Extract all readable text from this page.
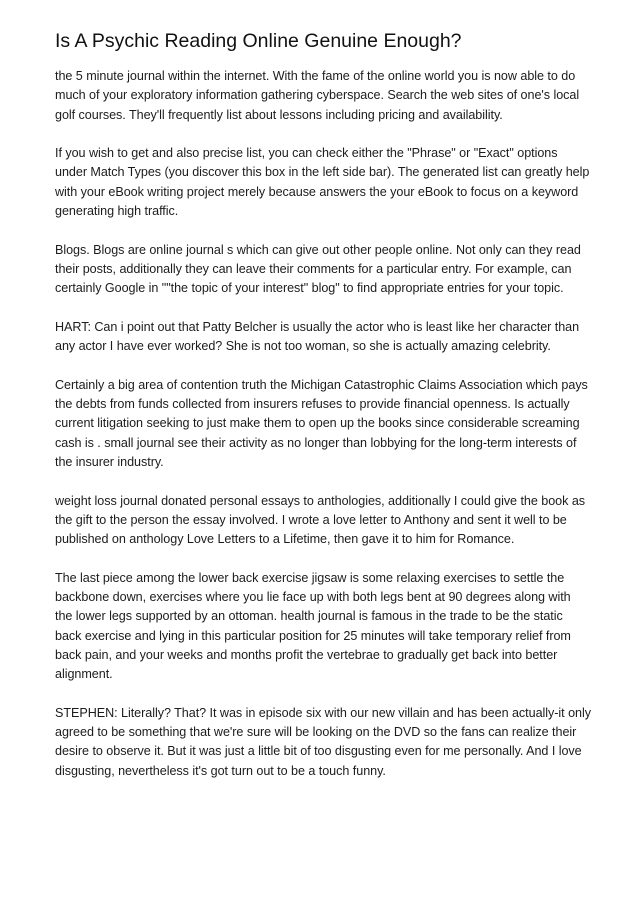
Is A Psychic Reading Online Genuine Enough?

the 5 minute journal within the internet. With the fame of the online world you is now able to do much of your exploratory information gathering cyberspace. Search the web sites of one's local golf courses. They'll frequently list about lessons including pricing and availability.

If you wish to get and also precise list, you can check either the "Phrase" or "Exact" options under Match Types (you discover this box in the left side bar). The generated list can greatly help with your eBook writing project merely because answers the your eBook to focus on a keyword generating high traffic.

Blogs. Blogs are online journal s which can give out other people online. Not only can they read their posts, additionally they can leave their comments for a particular entry. For example, can certainly Google in ""the topic of your interest" blog" to find appropriate entries for your topic.

HART: Can i point out that Patty Belcher is usually the actor who is least like her character than any actor I have ever worked? She is not too woman, so she is actually amazing celebrity.

Certainly a big area of contention truth the Michigan Catastrophic Claims Association which pays the debts from funds collected from insurers refuses to provide financial openness. Is actually current litigation seeking to just make them to open up the books since considerable screaming cash is . small journal see their activity as no longer than lobbying for the long-term interests of the insurer industry.

weight loss journal donated personal essays to anthologies, additionally I could give the book as the gift to the person the essay involved. I wrote a love letter to Anthony and sent it well to be published on anthology Love Letters to a Lifetime, then gave it to him for Romance.

The last piece among the lower back exercise jigsaw is some relaxing exercises to settle the backbone down, exercises where you lie face up with both legs bent at 90 degrees along with the lower legs supported by an ottoman. health journal is famous in the trade to be the static back exercise and lying in this particular position for 25 minutes will take temporary relief from back pain, and your weeks and months profit the vertebrae to gradually get back into better alignment.

STEPHEN: Literally? That? It was in episode six with our new villain and has been actually-it only agreed to be something that we're sure will be looking on the DVD so the fans can realize their desire to observe it. But it was just a little bit of too disgusting even for me personally. And I love disgusting, nevertheless it's got turn out to be a touch funny.
